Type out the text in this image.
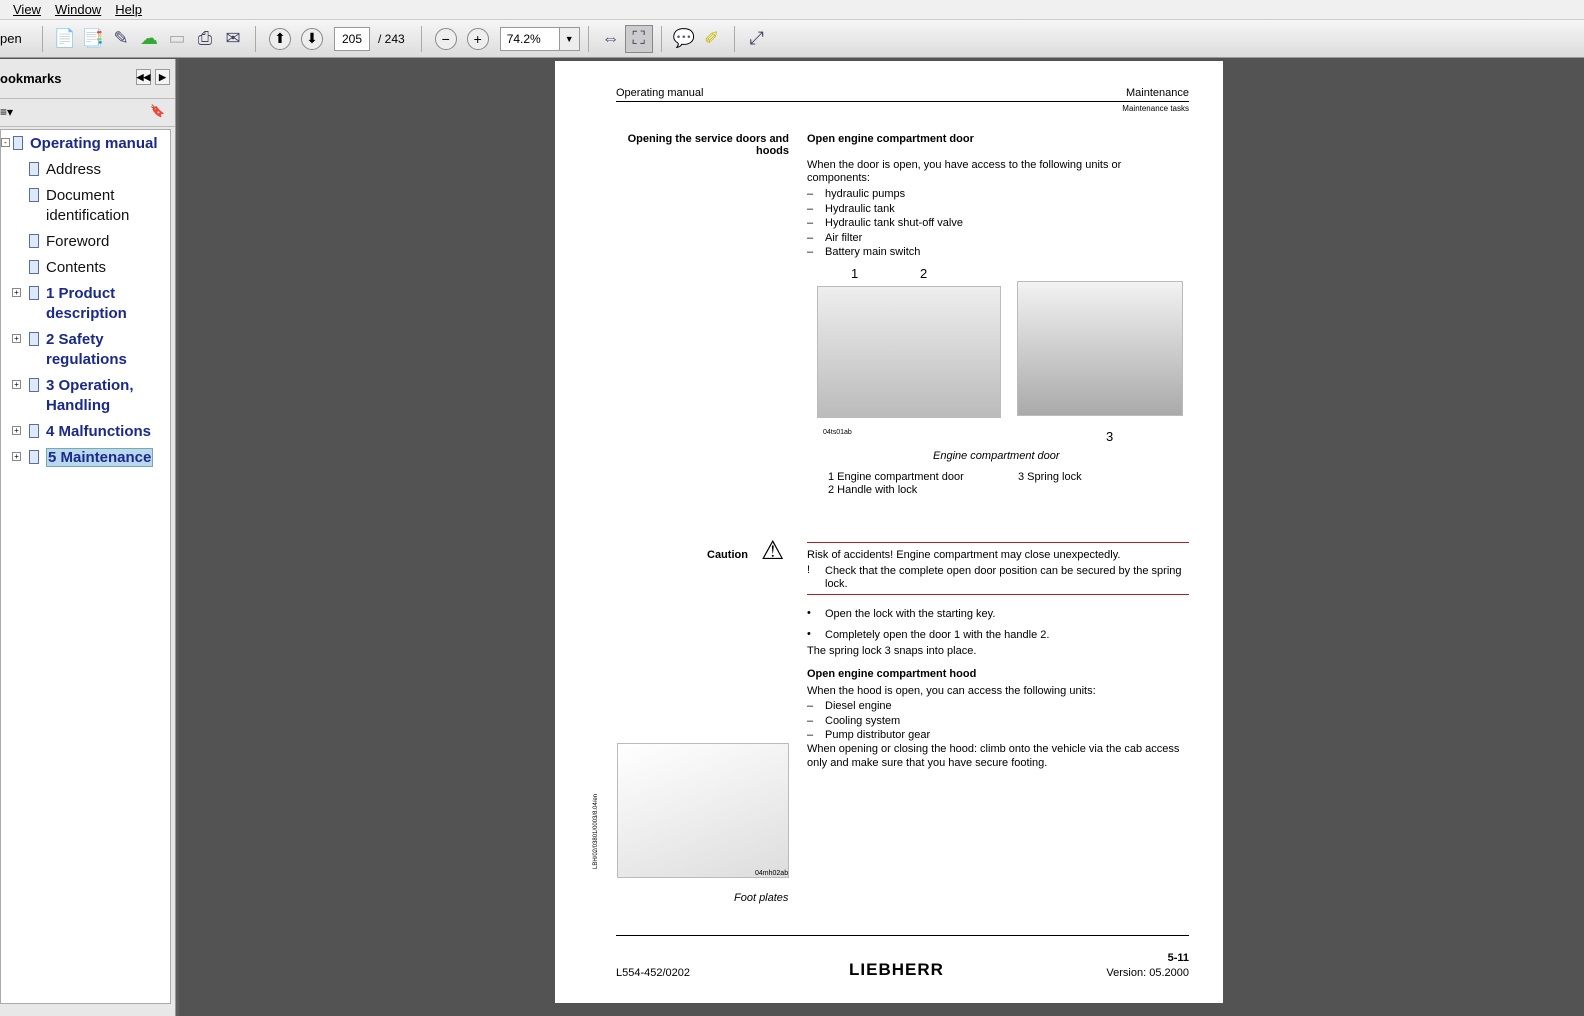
View Window Help
pen	📄 📑 ✎ ☁ ▭ ⎙ ✉	⬆	⬇	205	/ 243	−	+	74.2%	▼	⇔ ⛶	💬 ✐	⤢
ookmarks	◀◀ ▶
≡▾	🔖
-	Operating manual
Address
Document identification
Foreword
Contents
+	1 Product description
+	2 Safety regulations
+	3 Operation, Handling
+	4 Malfunctions
+	5 Maintenance
Operating manual	Maintenance
Maintenance tasks
Opening the service doors and hoods
Open engine compartment door
When the door is open, you have access to the following units or components:
– hydraulic pumps
– Hydraulic tank
– Hydraulic tank shut-off valve
– Air filter
– Battery main switch
1	2
3
04ts01ab
Engine compartment door
1 Engine compartment door
2 Handle with lock
3 Spring lock
Caution ⚠ Risk of accidents! Engine compartment may close unexpectedly.
! Check that the complete open door position can be secured by the spring lock.
• Open the lock with the starting key.
• Completely open the door 1 with the handle 2.
The spring lock 3 snaps into place.
Open engine compartment hood
When the hood is open, you can access the following units:
– Diesel engine
– Cooling system
– Pump distributor gear
When opening or closing the hood: climb onto the vehicle via the cab access only and make sure that you have secure footing.
LBH/02/03801/0003/8.04/en
04mh02ab
Foot plates
L554-452/0202	LIEBHERR
5-11
Version: 05.2000
